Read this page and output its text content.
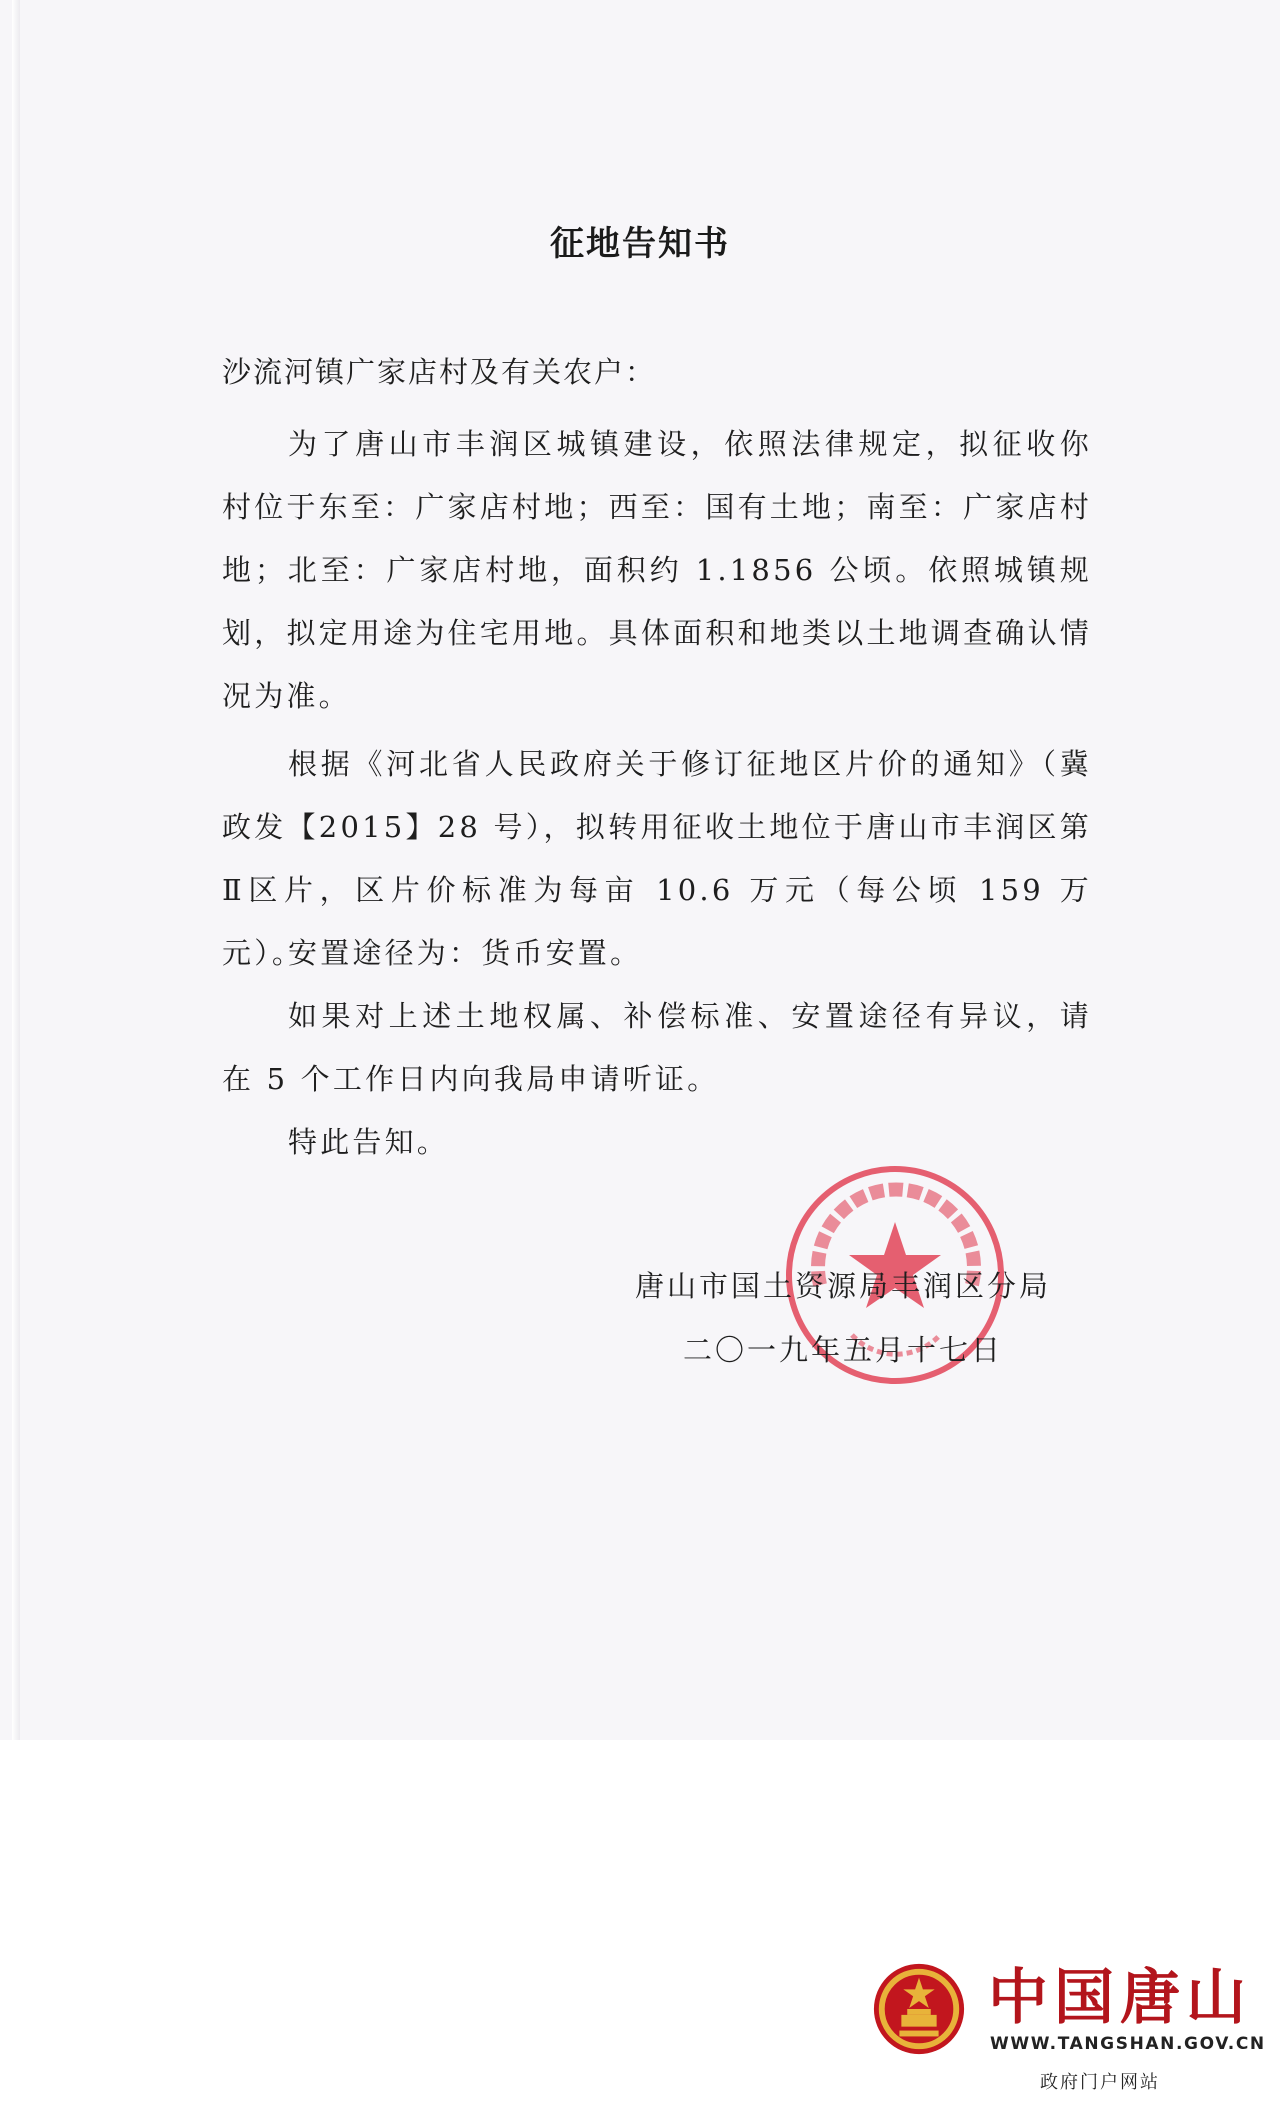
征地告知书
沙流河镇广家店村及有关农户：
为了唐山市丰润区城镇建设，依照法律规定，拟征收你村位于东至：广家店村地；西至：国有土地；南至：广家店村地；北至：广家店村地，面积约 1.1856 公顷。依照城镇规划，拟定用途为住宅用地。具体面积和地类以土地调查确认情况为准。
根据《河北省人民政府关于修订征地区片价的通知》（冀政发【2015】28 号），拟转用征收土地位于唐山市丰润区第Ⅱ区片，区片价标准为每亩 10.6 万元（每公顷 159 万元）。
安置途径为：货币安置。
如果对上述土地权属、补偿标准、安置途径有异议，请在 5 个工作日内向我局申请听证。
特此告知。
唐山市国土资源局丰润区分局
二〇一九年五月十七日
中国唐山
WWW.TANGSHAN.GOV.CN
政府门户网站
